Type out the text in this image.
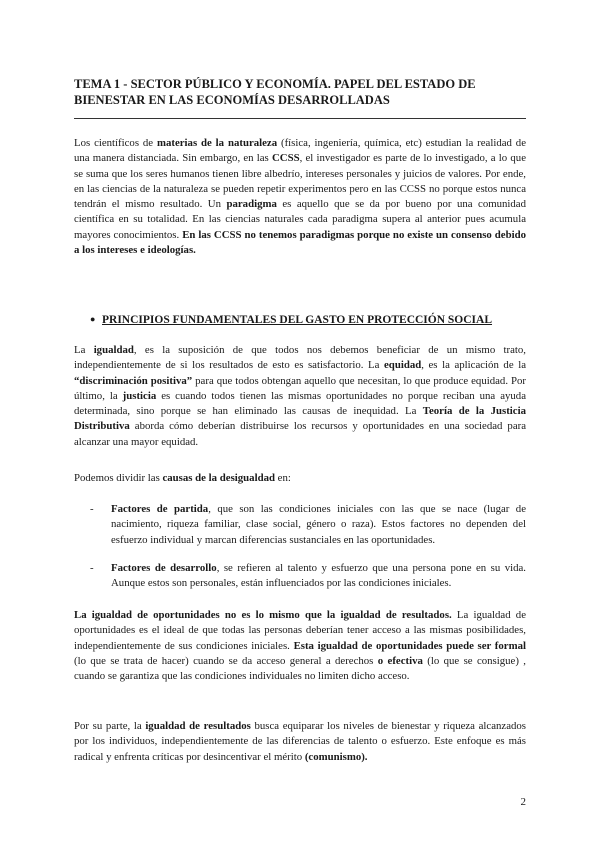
TEMA 1 - SECTOR PÚBLICO Y ECONOMÍA. PAPEL DEL ESTADO DE
BIENESTAR EN LAS ECONOMÍAS DESARROLLADAS

Los científicos de materias de la naturaleza (física, ingeniería, química, etc) estudian la realidad de una manera distanciada. Sin embargo, en las CCSS, el investigador es parte de lo investigado, a lo que se suma que los seres humanos tienen libre albedrío, intereses personales y juicios de valores. Por ende, en las ciencias de la naturaleza se pueden repetir experimentos pero en las CCSS no porque estos nunca tendrán el mismo resultado. Un paradigma es aquello que se da por bueno por una comunidad científica en su totalidad. En las ciencias naturales cada paradigma supera al anterior pues acumula mayores conocimientos. En las CCSS no tenemos paradigmas porque no existe un consenso debido a los intereses e ideologías.

● PRINCIPIOS FUNDAMENTALES DEL GASTO EN PROTECCIÓN SOCIAL

La igualdad, es la suposición de que todos nos debemos beneficiar de un mismo trato, independientemente de si los resultados de esto es satisfactorio. La equidad, es la aplicación de la “discriminación positiva” para que todos obtengan aquello que necesitan, lo que produce equidad. Por último, la justicia es cuando todos tienen las mismas oportunidades no porque reciban una ayuda determinada, sino porque se han eliminado las causas de inequidad. La Teoría de la Justicia Distributiva aborda cómo deberían distribuirse los recursos y oportunidades en una sociedad para alcanzar una mayor equidad.

Podemos dividir las causas de la desigualdad en:

- Factores de partida, que son las condiciones iniciales con las que se nace (lugar de nacimiento, riqueza familiar, clase social, género o raza). Estos factores no dependen del esfuerzo individual y marcan diferencias sustanciales en las oportunidades.
- Factores de desarrollo, se refieren al talento y esfuerzo que una persona pone en su vida. Aunque estos son personales, están influenciados por las condiciones iniciales.

La igualdad de oportunidades no es lo mismo que la igualdad de resultados. La igualdad de oportunidades es el ideal de que todas las personas deberían tener acceso a las mismas posibilidades, independientemente de sus condiciones iniciales. Esta igualdad de oportunidades puede ser formal (lo que se trata de hacer) cuando se da acceso general a derechos o efectiva (lo que se consigue) , cuando se garantiza que las condiciones individuales no limiten dicho acceso.

Por su parte, la igualdad de resultados busca equiparar los niveles de bienestar y riqueza alcanzados por los individuos, independientemente de las diferencias de talento o esfuerzo. Este enfoque es más radical y enfrenta críticas por desincentivar el mérito (comunismo).

2
